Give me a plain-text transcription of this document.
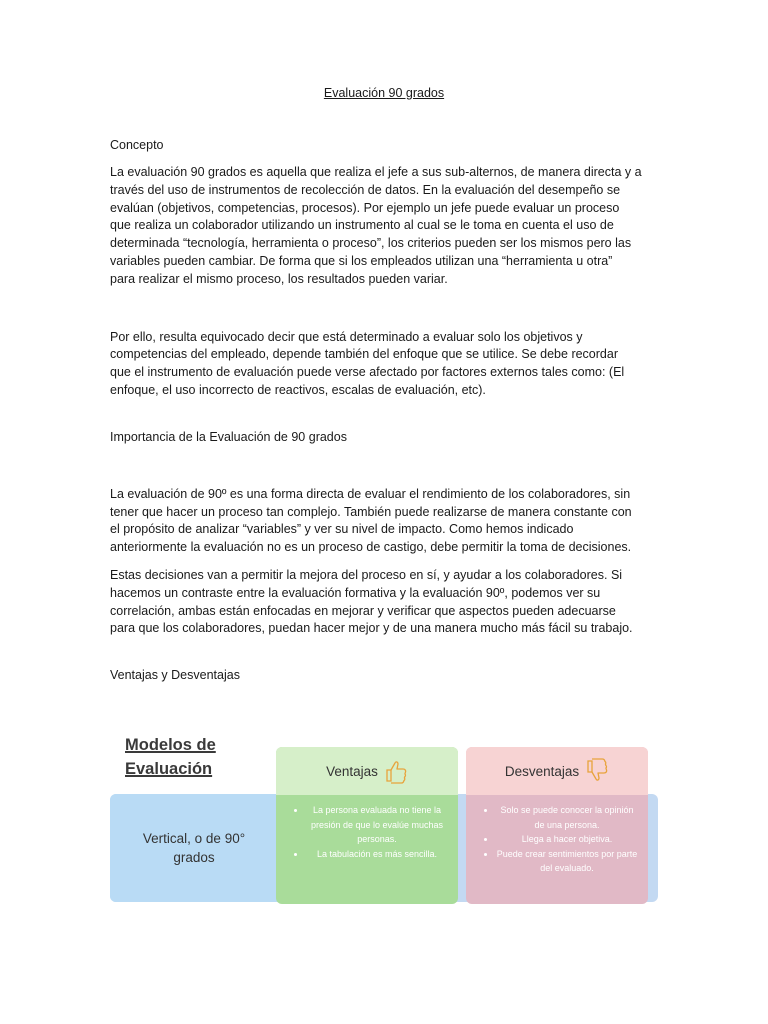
Evaluación 90 grados

Concepto

La evaluación 90 grados es aquella que realiza el jefe a sus sub-alternos, de manera directa y a
través del uso de instrumentos de recolección de datos. En la evaluación del desempeño se
evalúan (objetivos, competencias, procesos). Por ejemplo un jefe puede evaluar un proceso
que realiza un colaborador utilizando un instrumento al cual se le toma en cuenta el uso de
determinada “tecnología, herramienta o proceso”, los criterios pueden ser los mismos pero las
variables pueden cambiar. De forma que si los empleados utilizan una “herramienta u otra”
para realizar el mismo proceso, los resultados pueden variar.

Por ello, resulta equivocado decir que está determinado a evaluar solo los objetivos y
competencias del empleado, depende también del enfoque que se utilice. Se debe recordar
que el instrumento de evaluación puede verse afectado por factores externos tales como: (El
enfoque, el uso incorrecto de reactivos, escalas de evaluación, etc).

Importancia de la Evaluación de 90 grados

La evaluación de 90º es una forma directa de evaluar el rendimiento de los colaboradores, sin
tener que hacer un proceso tan complejo. También puede realizarse de manera constante con
el propósito de analizar “variables” y ver su nivel de impacto. Como hemos indicado
anteriormente la evaluación no es un proceso de castigo, debe permitir la toma de decisiones.

Estas decisiones van a permitir la mejora del proceso en sí, y ayudar a los colaboradores. Si
hacemos un contraste entre la evaluación formativa y la evaluación 90º, podemos ver su
correlación, ambas están enfocadas en mejorar y verificar que aspectos pueden adecuarse
para que los colaboradores, puedan hacer mejor y de una manera mucho más fácil su trabajo.

Ventajas y Desventajas

Modelos de
Evaluación
Vertical, o de 90°
grados
Ventajas
• La persona evaluada no tiene la presión de que lo evalúe muchas personas.
• La tabulación es más sencilla.
Desventajas
• Solo se puede conocer la opinión de una persona.
• Llega a hacer objetiva.
• Puede crear sentimientos por parte del evaluado.
